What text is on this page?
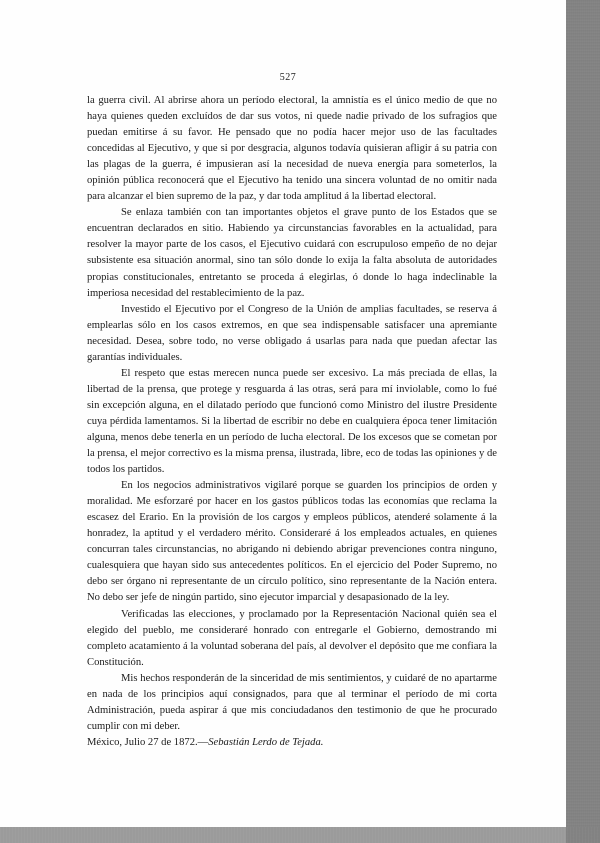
527

la guerra civil. Al abrirse ahora un período electoral, la amnistía es el único medio de que no haya quienes queden excluídos de dar sus votos, ni quede nadie privado de los sufragios que puedan emitirse á su favor. He pensado que no podía hacer mejor uso de las facultades concedidas al Ejecutivo, y que si por desgracia, algunos todavía quisieran afligir á su patria con las plagas de la guerra, é impusieran así la necesidad de nueva energía para someterlos, la opinión pública reconocerá que el Ejecutivo ha tenido una sincera voluntad de no omitir nada para alcanzar el bien supremo de la paz, y dar toda amplitud á la libertad electoral.

Se enlaza también con tan importantes objetos el grave punto de los Estados que se encuentran declarados en sitio. Habiendo ya circunstancias favorables en la actualidad, para resolver la mayor parte de los casos, el Ejecutivo cuidará con escrupuloso empeño de no dejar subsistente esa situación anormal, sino tan sólo donde lo exija la falta absoluta de autoridades propias constitucionales, entretanto se proceda á elegirlas, ó donde lo haga indeclinable la imperiosa necesidad del restablecimiento de la paz.

Investido el Ejecutivo por el Congreso de la Unión de amplias facultades, se reserva á emplearlas sólo en los casos extremos, en que sea indispensable satisfacer una apremiante necesidad. Desea, sobre todo, no verse obligado á usarlas para nada que puedan afectar las garantías individuales.

El respeto que estas merecen nunca puede ser excesivo. La más preciada de ellas, la libertad de la prensa, que protege y resguarda á las otras, será para mí inviolable, como lo fué sin excepción alguna, en el dilatado período que funcionó como Ministro del ilustre Presidente cuya pérdida lamentamos. Si la libertad de escribir no debe en cualquiera época tener limitación alguna, menos debe tenerla en un período de lucha electoral. De los excesos que se cometan por la prensa, el mejor correctivo es la misma prensa, ilustrada, libre, eco de todas las opiniones y de todos los partidos.

En los negocios administrativos vigilaré porque se guarden los principios de orden y moralidad. Me esforzaré por hacer en los gastos públicos todas las economías que reclama la escasez del Erario. En la provisión de los cargos y empleos públicos, atenderé solamente á la honradez, la aptitud y el verdadero mérito. Consideraré á los empleados actuales, en quienes concurran tales circunstancias, no abrigando ni debiendo abrigar prevenciones contra ninguno, cualesquiera que hayan sido sus antecedentes políticos. En el ejercicio del Poder Supremo, no debo ser órgano ni representante de un círculo político, sino representante de la Nación entera. No debo ser jefe de ningún partido, sino ejecutor imparcial y desapasionado de la ley.

Verificadas las elecciones, y proclamado por la Representación Nacional quién sea el elegido del pueblo, me consideraré honrado con entregarle el Gobierno, demostrando mi completo acatamiento á la voluntad soberana del país, al devolver el depósito que me confiara la Constitución.

Mis hechos responderán de la sinceridad de mis sentimientos, y cuidaré de no apartarme en nada de los principios aquí consignados, para que al terminar el período de mi corta Administración, pueda aspirar á que mis conciudadanos den testimonio de que he procurado cumplir con mi deber.

México, Julio 27 de 1872.—Sebastián Lerdo de Tejada.
